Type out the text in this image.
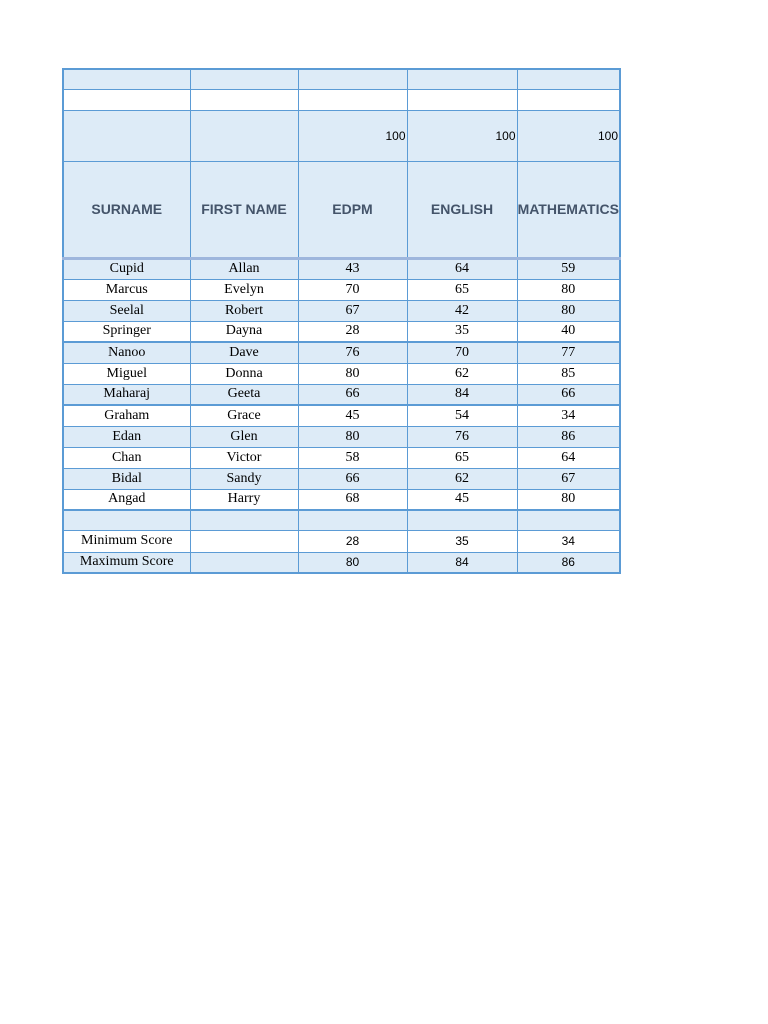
		100	100	100
SURNAME	FIRST NAME	EDPM	ENGLISH	MATHEMATICS
Cupid	Allan	43	64	59
Marcus	Evelyn	70	65	80
Seelal	Robert	67	42	80
Springer	Dayna	28	35	40
Nanoo	Dave	76	70	77
Miguel	Donna	80	62	85
Maharaj	Geeta	66	84	66
Graham	Grace	45	54	34
Edan	Glen	80	76	86
Chan	Victor	58	65	64
Bidal	Sandy	66	62	67
Angad	Harry	68	45	80

Minimum Score		28	35	34
Maximum Score		80	84	86
